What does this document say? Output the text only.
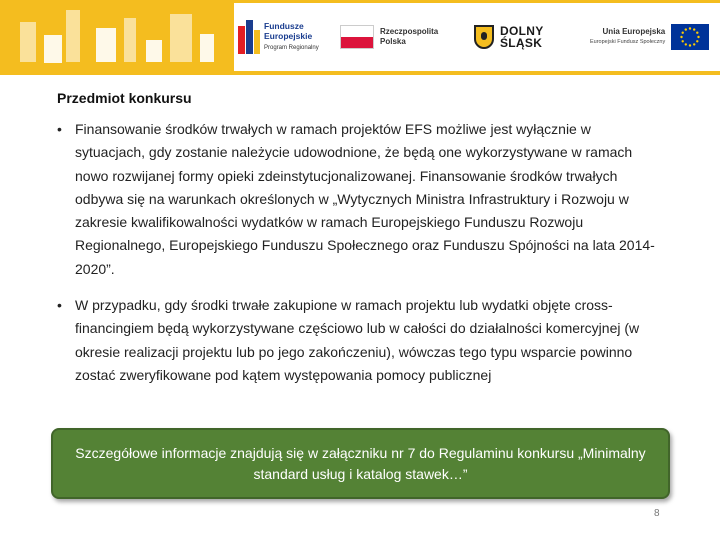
Fundusze
Europejskie
Program Regionalny
Rzeczpospolita
Polska
DOLNY
ŚLĄSK
Unia Europejska
Europejski Fundusz Społeczny
Przedmiot konkursu
• Finansowanie środków trwałych w ramach projektów EFS możliwe jest wyłącznie w sytuacjach, gdy zostanie należycie udowodnione, że będą one wykorzystywane w ramach nowo rozwijanej formy opieki zdeinstytucjonalizowanej. Finansowanie środków trwałych odbywa się na warunkach określonych w „Wytycznych Ministra Infrastruktury i Rozwoju w zakresie kwalifikowalności wydatków w ramach Europejskiego Funduszu Rozwoju Regionalnego, Europejskiego Funduszu Społecznego oraz Funduszu Spójności na lata 2014-2020”.
• W przypadku, gdy środki trwałe zakupione w ramach projektu lub wydatki objęte cross-financingiem będą wykorzystywane częściowo lub w całości do działalności komercyjnej (w okresie realizacji projektu lub po jego zakończeniu), wówczas tego typu wsparcie powinno zostać zweryfikowane pod kątem występowania pomocy publicznej
Szczegółowe informacje znajdują się w załączniku nr 7 do Regulaminu konkursu „Minimalny standard usług i katalog stawek…”
8
